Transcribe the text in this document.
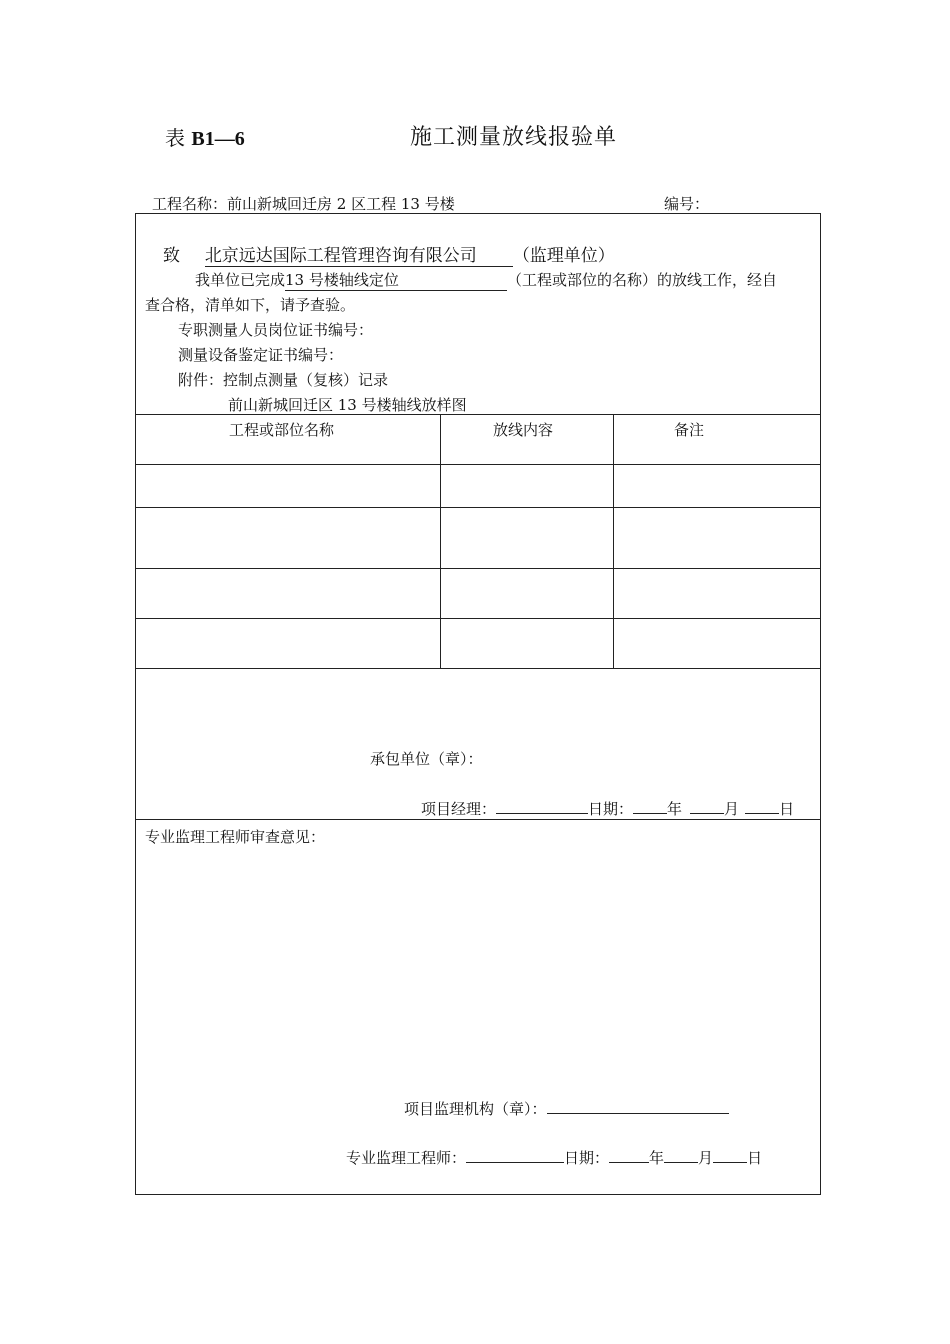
表 B1—6	施工测量放线报验单
工程名称：前山新城回迁房 2 区工程 13 号楼	编号：
致 北京远达国际工程管理咨询有限公司 （监理单位）
我单位已完成13 号楼轴线定位	（工程或部位的名称）的放线工作，经自
查合格，清单如下，请予查验。
专职测量人员岗位证书编号：
测量设备鉴定证书编号：
附件：控制点测量（复核）记录
前山新城回迁区 13 号楼轴线放样图
工程或部位名称	放线内容	备注
承包单位（章）：
项目经理：	日期： 年	月	日
专业监理工程师审查意见：
项目监理机构（章）：
专业监理工程师：	日期：	年 月 日
